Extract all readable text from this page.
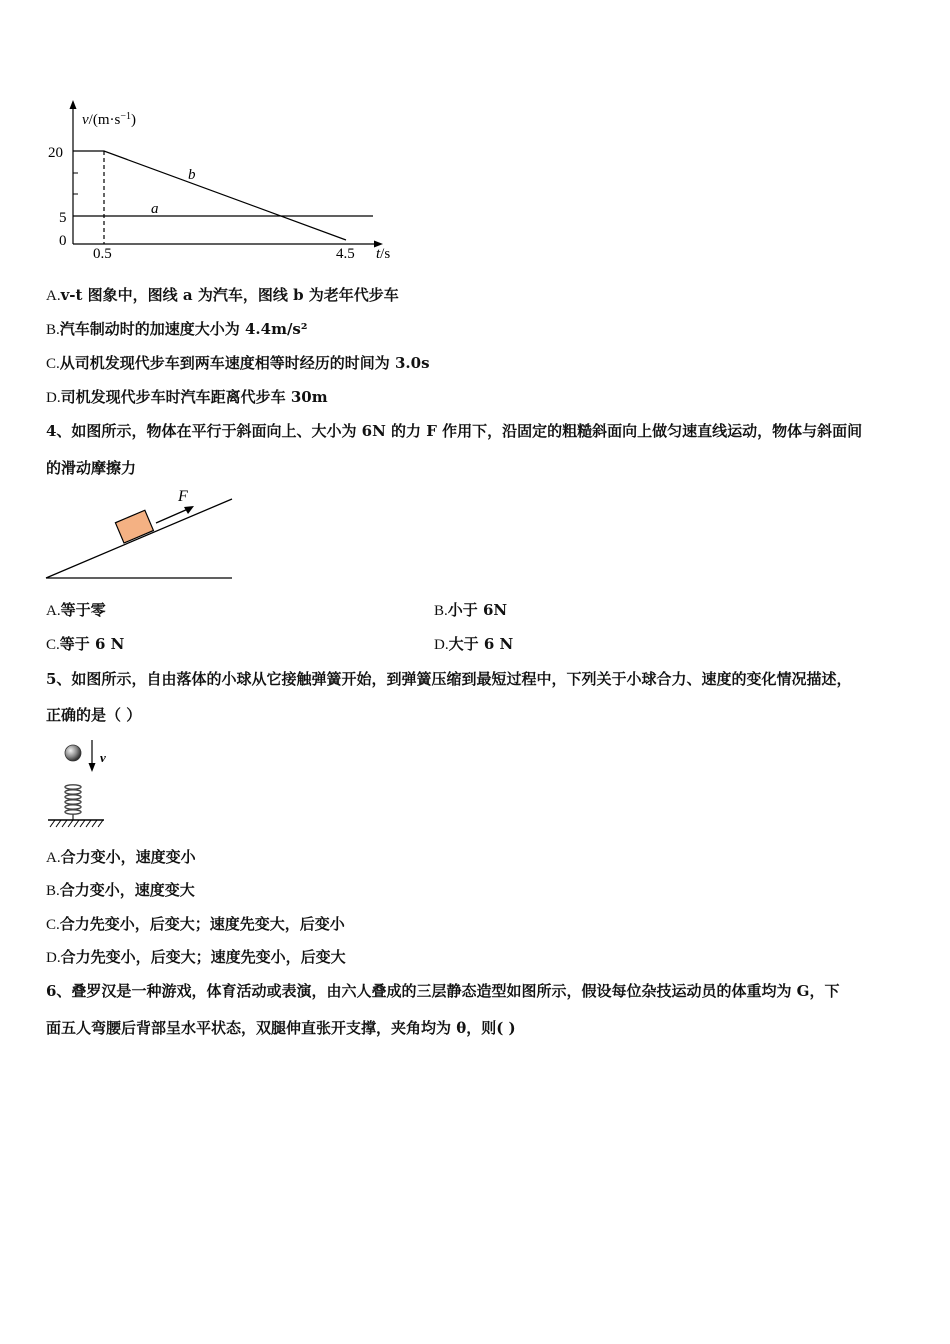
$v/(m\cdot s^{-1})$
20
5
0
0.5	4.5 t/s
b
a
A.v-t 图象中，图线 a 为汽车，图线 b 为老年代步车
B.汽车制动时的加速度大小为 4.4m/s²
C.从司机发现代步车到两车速度相等时经历的时间为 3.0s
D.司机发现代步车时汽车距离代步车 30m
4、如图所示，物体在平行于斜面向上、大小为 6N 的力 F 作用下，沿固定的粗糙斜面向上做匀速直线运动，物体与斜面间
的滑动摩擦力
F
A.等于零	B.小于 6N
C.等于 6 N	D.大于 6 N
5、如图所示，自由落体的小球从它接触弹簧开始，到弹簧压缩到最短过程中，下列关于小球合力、速度的变化情况描述，
正确的是（ ）
v
A.合力变小，速度变小
B.合力变小，速度变大
C.合力先变小，后变大；速度先变大，后变小
D.合力先变小，后变大；速度先变小，后变大
6、叠罗汉是一种游戏，体育活动或表演，由六人叠成的三层静态造型如图所示，假设每位杂技运动员的体重均为 G，下
面五人弯腰后背部呈水平状态，双腿伸直张开支撑，夹角均为 θ，则( )
